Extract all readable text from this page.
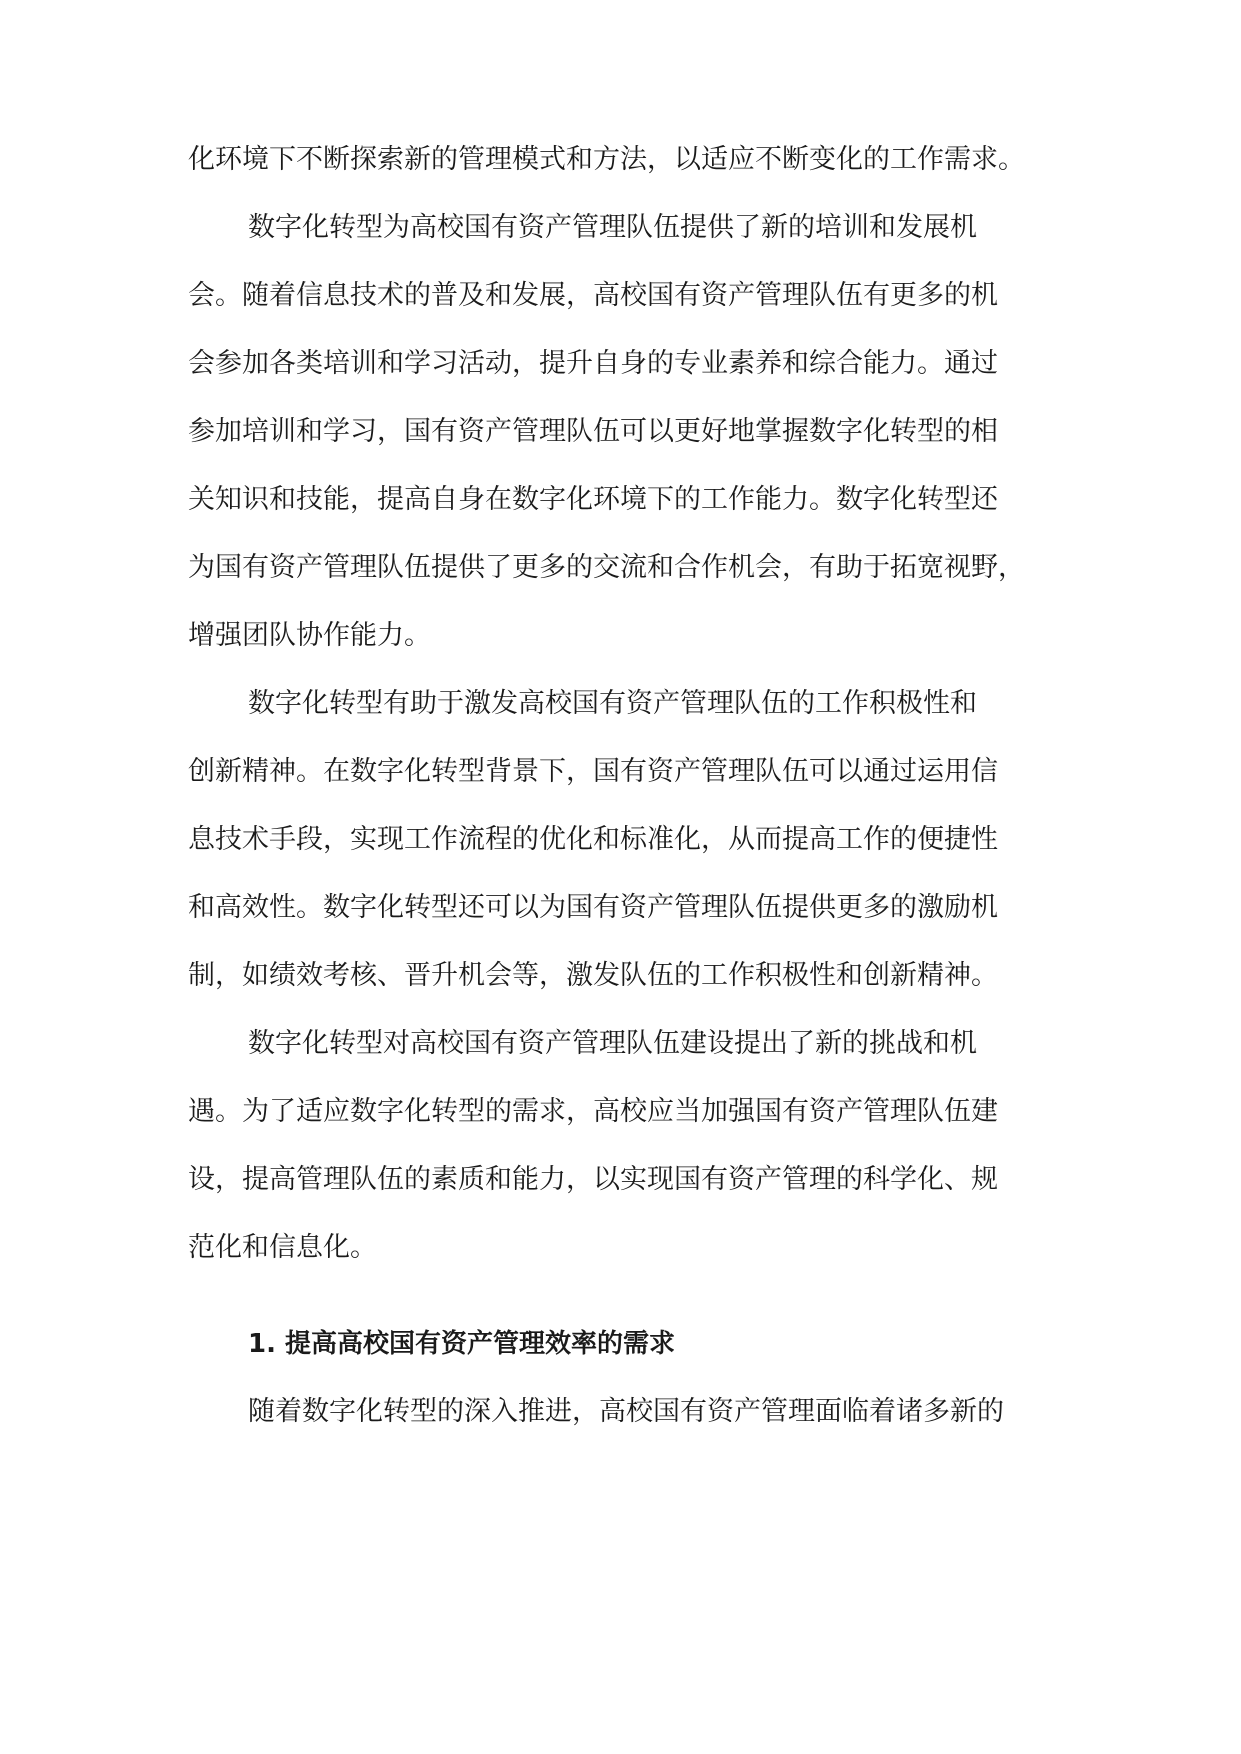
化环境下不断探索新的管理模式和方法，以适应不断变化的工作需求。
数字化转型为高校国有资产管理队伍提供了新的培训和发展机
会。随着信息技术的普及和发展，高校国有资产管理队伍有更多的机
会参加各类培训和学习活动，提升自身的专业素养和综合能力。通过
参加培训和学习，国有资产管理队伍可以更好地掌握数字化转型的相
关知识和技能，提高自身在数字化环境下的工作能力。数字化转型还
为国有资产管理队伍提供了更多的交流和合作机会，有助于拓宽视野，
增强团队协作能力。
数字化转型有助于激发高校国有资产管理队伍的工作积极性和
创新精神。在数字化转型背景下，国有资产管理队伍可以通过运用信
息技术手段，实现工作流程的优化和标准化，从而提高工作的便捷性
和高效性。数字化转型还可以为国有资产管理队伍提供更多的激励机
制，如绩效考核、晋升机会等，激发队伍的工作积极性和创新精神。
数字化转型对高校国有资产管理队伍建设提出了新的挑战和机
遇。为了适应数字化转型的需求，高校应当加强国有资产管理队伍建
设，提高管理队伍的素质和能力，以实现国有资产管理的科学化、规
范化和信息化。
1. 提高高校国有资产管理效率的需求
随着数字化转型的深入推进，高校国有资产管理面临着诸多新的
